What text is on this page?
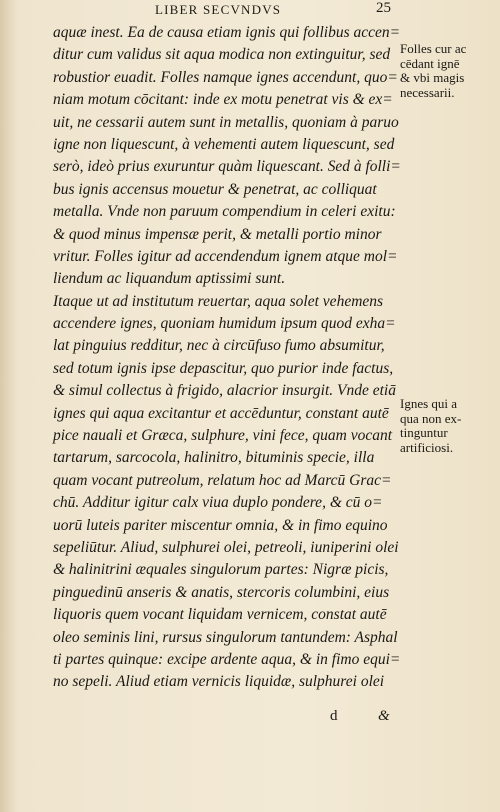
LIBER SECVNDVS	25
aquæ inest. Ea de causa etiam ignis qui follibus accen=
ditur cum validus sit aqua modica non extinguitur, sed
robustior euadit. Folles namque ignes accendunt, quo=
niam motum cōcitant: inde ex motu penetrat vis & ex=
uit, ne cessarii autem sunt in metallis, quoniam à paruo
igne non liquescunt, à vehementi autem liquescunt, sed
serò, ideò prius exuruntur quàm liquescant. Sed à folli=
bus ignis accensus mouetur & penetrat, ac colliquat
metalla. Vnde non paruum compendium in celeri exitu:
& quod minus impensæ perit, & metalli portio minor
vritur. Folles igitur ad accendendum ignem atque mol=
liendum ac liquandum aptissimi sunt.
Itaque ut ad institutum reuertar, aqua solet vehemens
accendere ignes, quoniam humidum ipsum quod exha=
lat pinguius redditur, nec à circūfuso fumo absumitur,
sed totum ignis ipse depascitur, quo purior inde factus,
& simul collectus à frigido, alacrior insurgit. Vnde etiā
ignes qui aqua excitantur et accēduntur, constant autē
pice nauali et Græca, sulphure, vini fece, quam vocant
tartarum, sarcocola, halinitro, bituminis specie, illa
quam vocant putreolum, relatum hoc ad Marcū Grac=
chū. Additur igitur calx viua duplo pondere, & cū o=
uorū luteis pariter miscentur omnia, & in fimo equino
sepeliūtur. Aliud, sulphurei olei, petreoli, iuniperini olei
& halinitrini æquales singulorum partes: Nigræ picis,
pinguedinū anseris & anatis, stercoris columbini, eius
liquoris quem vocant liquidam vernicem, constat autē
oleo seminis lini, rursus singulorum tantundem: Asphal
ti partes quinque: excipe ardente aqua, & in fimo equi=
no sepeli. Aliud etiam vernicis liquidæ, sulphurei olei
Folles cur ac
cēdant ignē
& vbi magis
necessarii.
Ignes qui a
qua non ex-
tinguntur
artificiosi.
d	&
